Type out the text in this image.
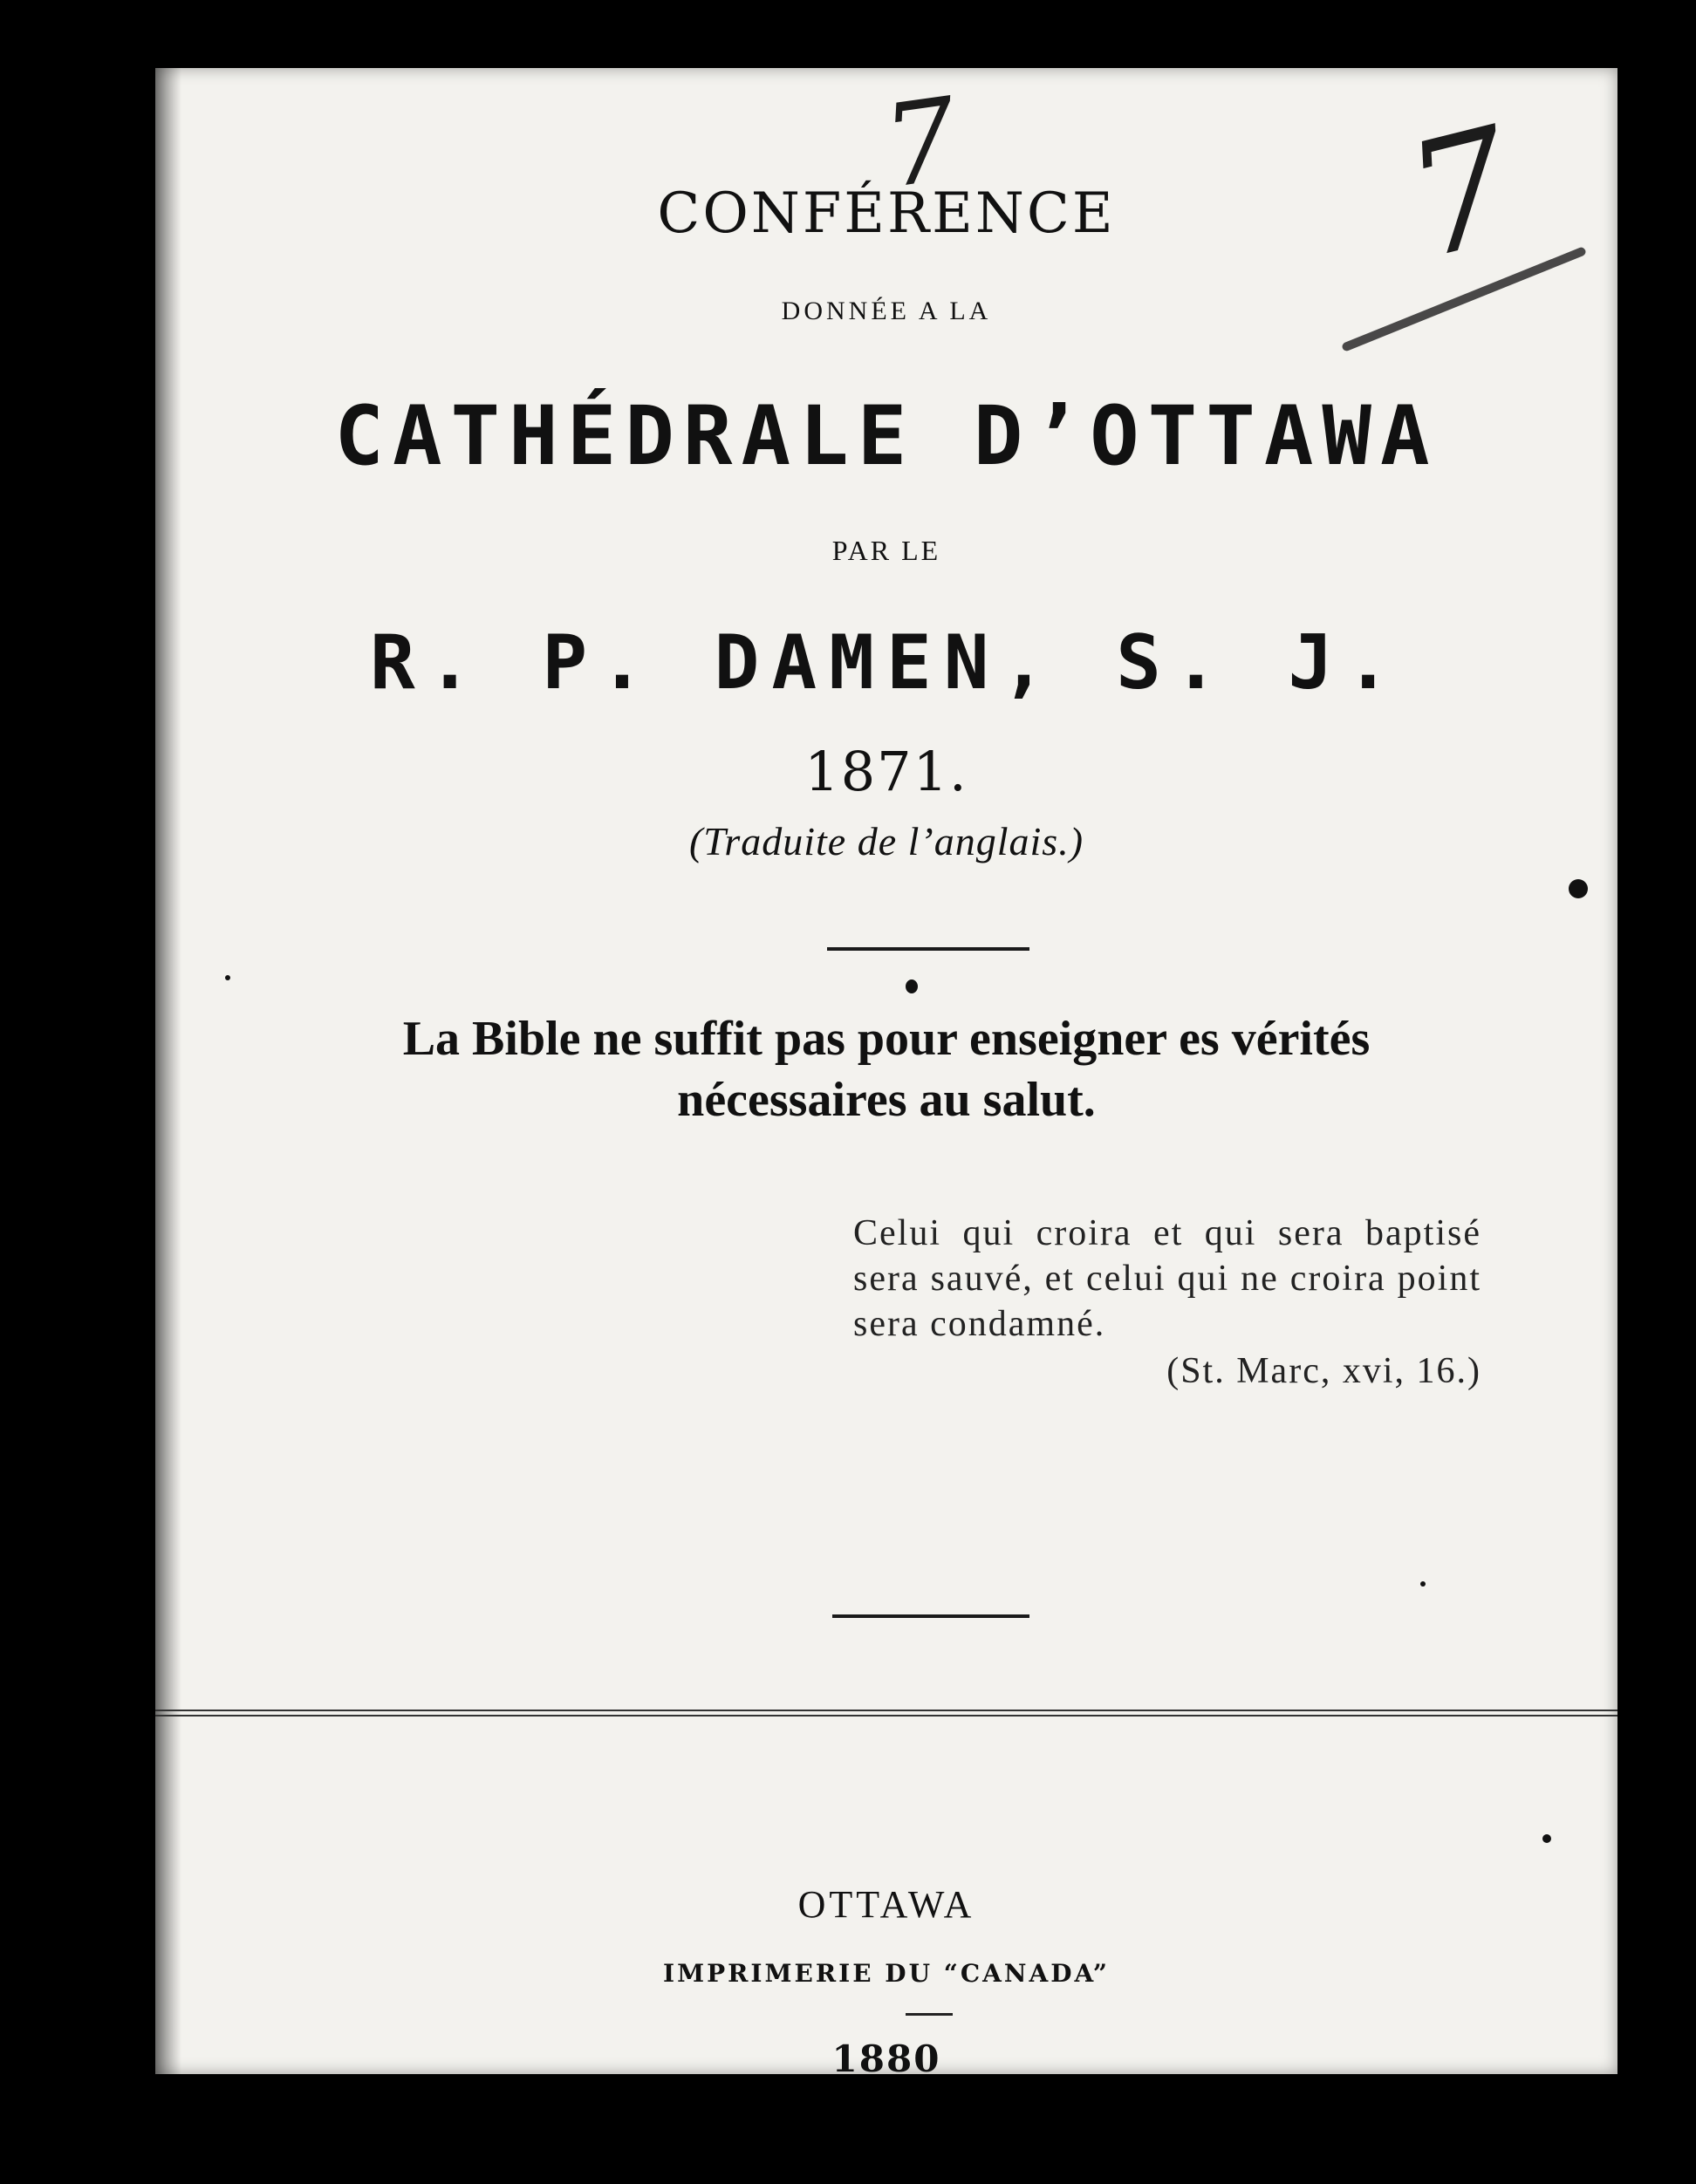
7	7
CONFÉRENCE
DONNÉE A LA
CATHÉDRALE D’OTTAWA
PAR LE
R. P. DAMEN, S. J.
1871.
(Traduite de l’anglais.)
La Bible ne suffit pas pour enseigner es vérités nécessaires au salut.
Celui qui croira et qui sera baptisé sera sauvé, et celui qui ne croira point sera condamné.
(St. Marc, xvi, 16.)
OTTAWA
IMPRIMERIE DU “CANADA”
1880
